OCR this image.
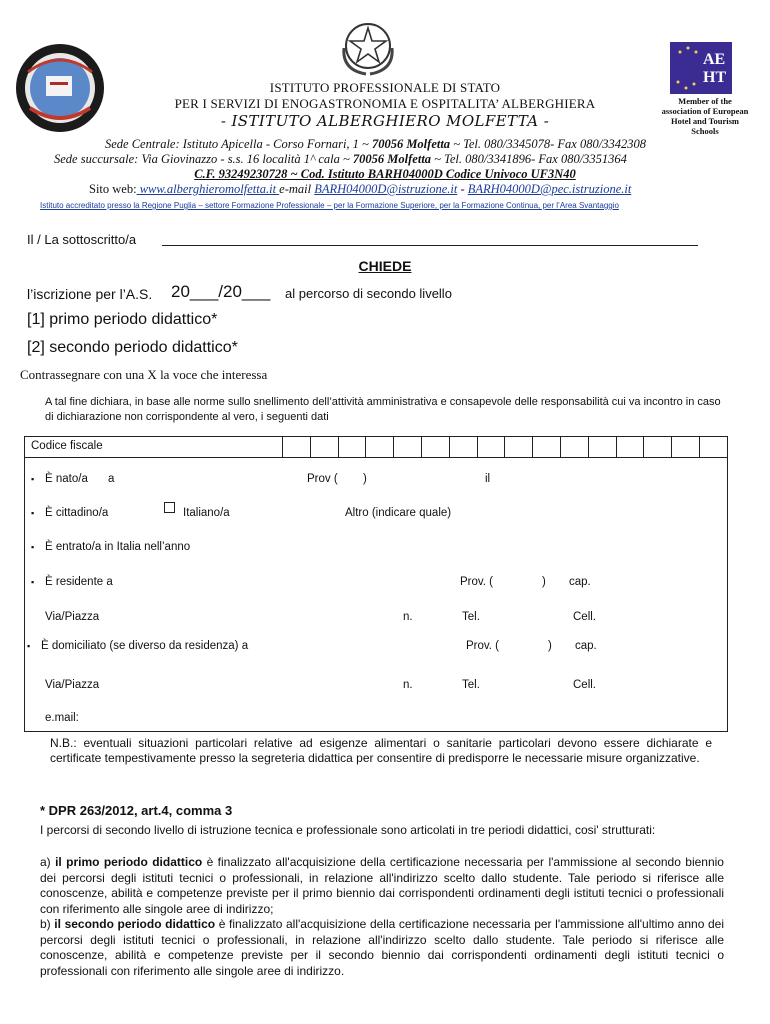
AE
HT
Member of the association of European Hotel and Tourism Schools
ISTITUTO PROFESSIONALE DI STATO
PER I SERVIZI DI ENOGASTRONOMIA E OSPITALITA’ ALBERGHIERA
- ISTITUTO ALBERGHIERO MOLFETTA -
Sede Centrale: Istituto Apicella - Corso Fornari, 1 ~ 70056 Molfetta ~ Tel. 080/3345078- Fax 080/3342308
Sede succursale: Via Giovinazzo - s.s. 16 località 1^ cala ~ 70056 Molfetta ~ Tel. 080/3341896- Fax 080/3351364
C.F. 93249230728 ~ Cod. Istituto BARH04000D Codice Univoco UF3N40
Sito web: www.alberghieromolfetta.it e-mail BARH04000D@istruzione.it - BARH04000D@pec.istruzione.it
Istituto accreditato presso la Regione Puglia – settore Formazione Professionale – per la Formazione Superiore, per la Formazione Continua, per l’Area Svantaggio
Il / La sottoscritto/a
CHIEDE
l’iscrizione per l’A.S. 20___/20___ al percorso di secondo livello
[1] primo periodo didattico*
[2] secondo periodo didattico*
Contrassegnare con una X la voce che interessa
A tal fine dichiara, in base alle norme sullo snellimento dell’attività amministrativa e consapevole delle responsabilità cui va incontro in caso di dichiarazione non corrispondente al vero, i seguenti dati
Codice fiscale
▪ È nato/a a	Prov ( )	il
▪ È cittadino/a	Italiano/a	Altro (indicare quale)
▪ È entrato/a in Italia nell’anno
▪ È residente a	Prov. (	) cap.
Via/Piazza	n.	Tel.	Cell.
▪ È domiciliato (se diverso da residenza) a	Prov. (	) cap.
Via/Piazza	n.	Tel.	Cell.
e.mail:
N.B.: eventuali situazioni particolari relative ad esigenze alimentari o sanitarie particolari devono essere dichiarate e certificate tempestivamente presso la segreteria didattica per consentire di predisporre le necessarie misure organizzative.
* DPR 263/2012, art.4, comma 3
I percorsi di secondo livello di istruzione tecnica e professionale sono articolati in tre periodi didattici, cosi' strutturati:
a) il primo periodo didattico è finalizzato all'acquisizione della certificazione necessaria per l'ammissione al secondo biennio dei percorsi degli istituti tecnici o professionali, in relazione all'indirizzo scelto dallo studente. Tale periodo si riferisce alle conoscenze, abilità e competenze previste per il primo biennio dai corrispondenti ordinamenti degli istituti tecnici o professionali con riferimento alle singole aree di indirizzo;
b) il secondo periodo didattico è finalizzato all'acquisizione della certificazione necessaria per l'ammissione all'ultimo anno dei percorsi degli istituti tecnici o professionali, in relazione all'indirizzo scelto dallo studente. Tale periodo si riferisce alle conoscenze, abilità e competenze previste per il secondo biennio dai corrispondenti ordinamenti degli istituti tecnici o professionali con riferimento alle singole aree di indirizzo.
